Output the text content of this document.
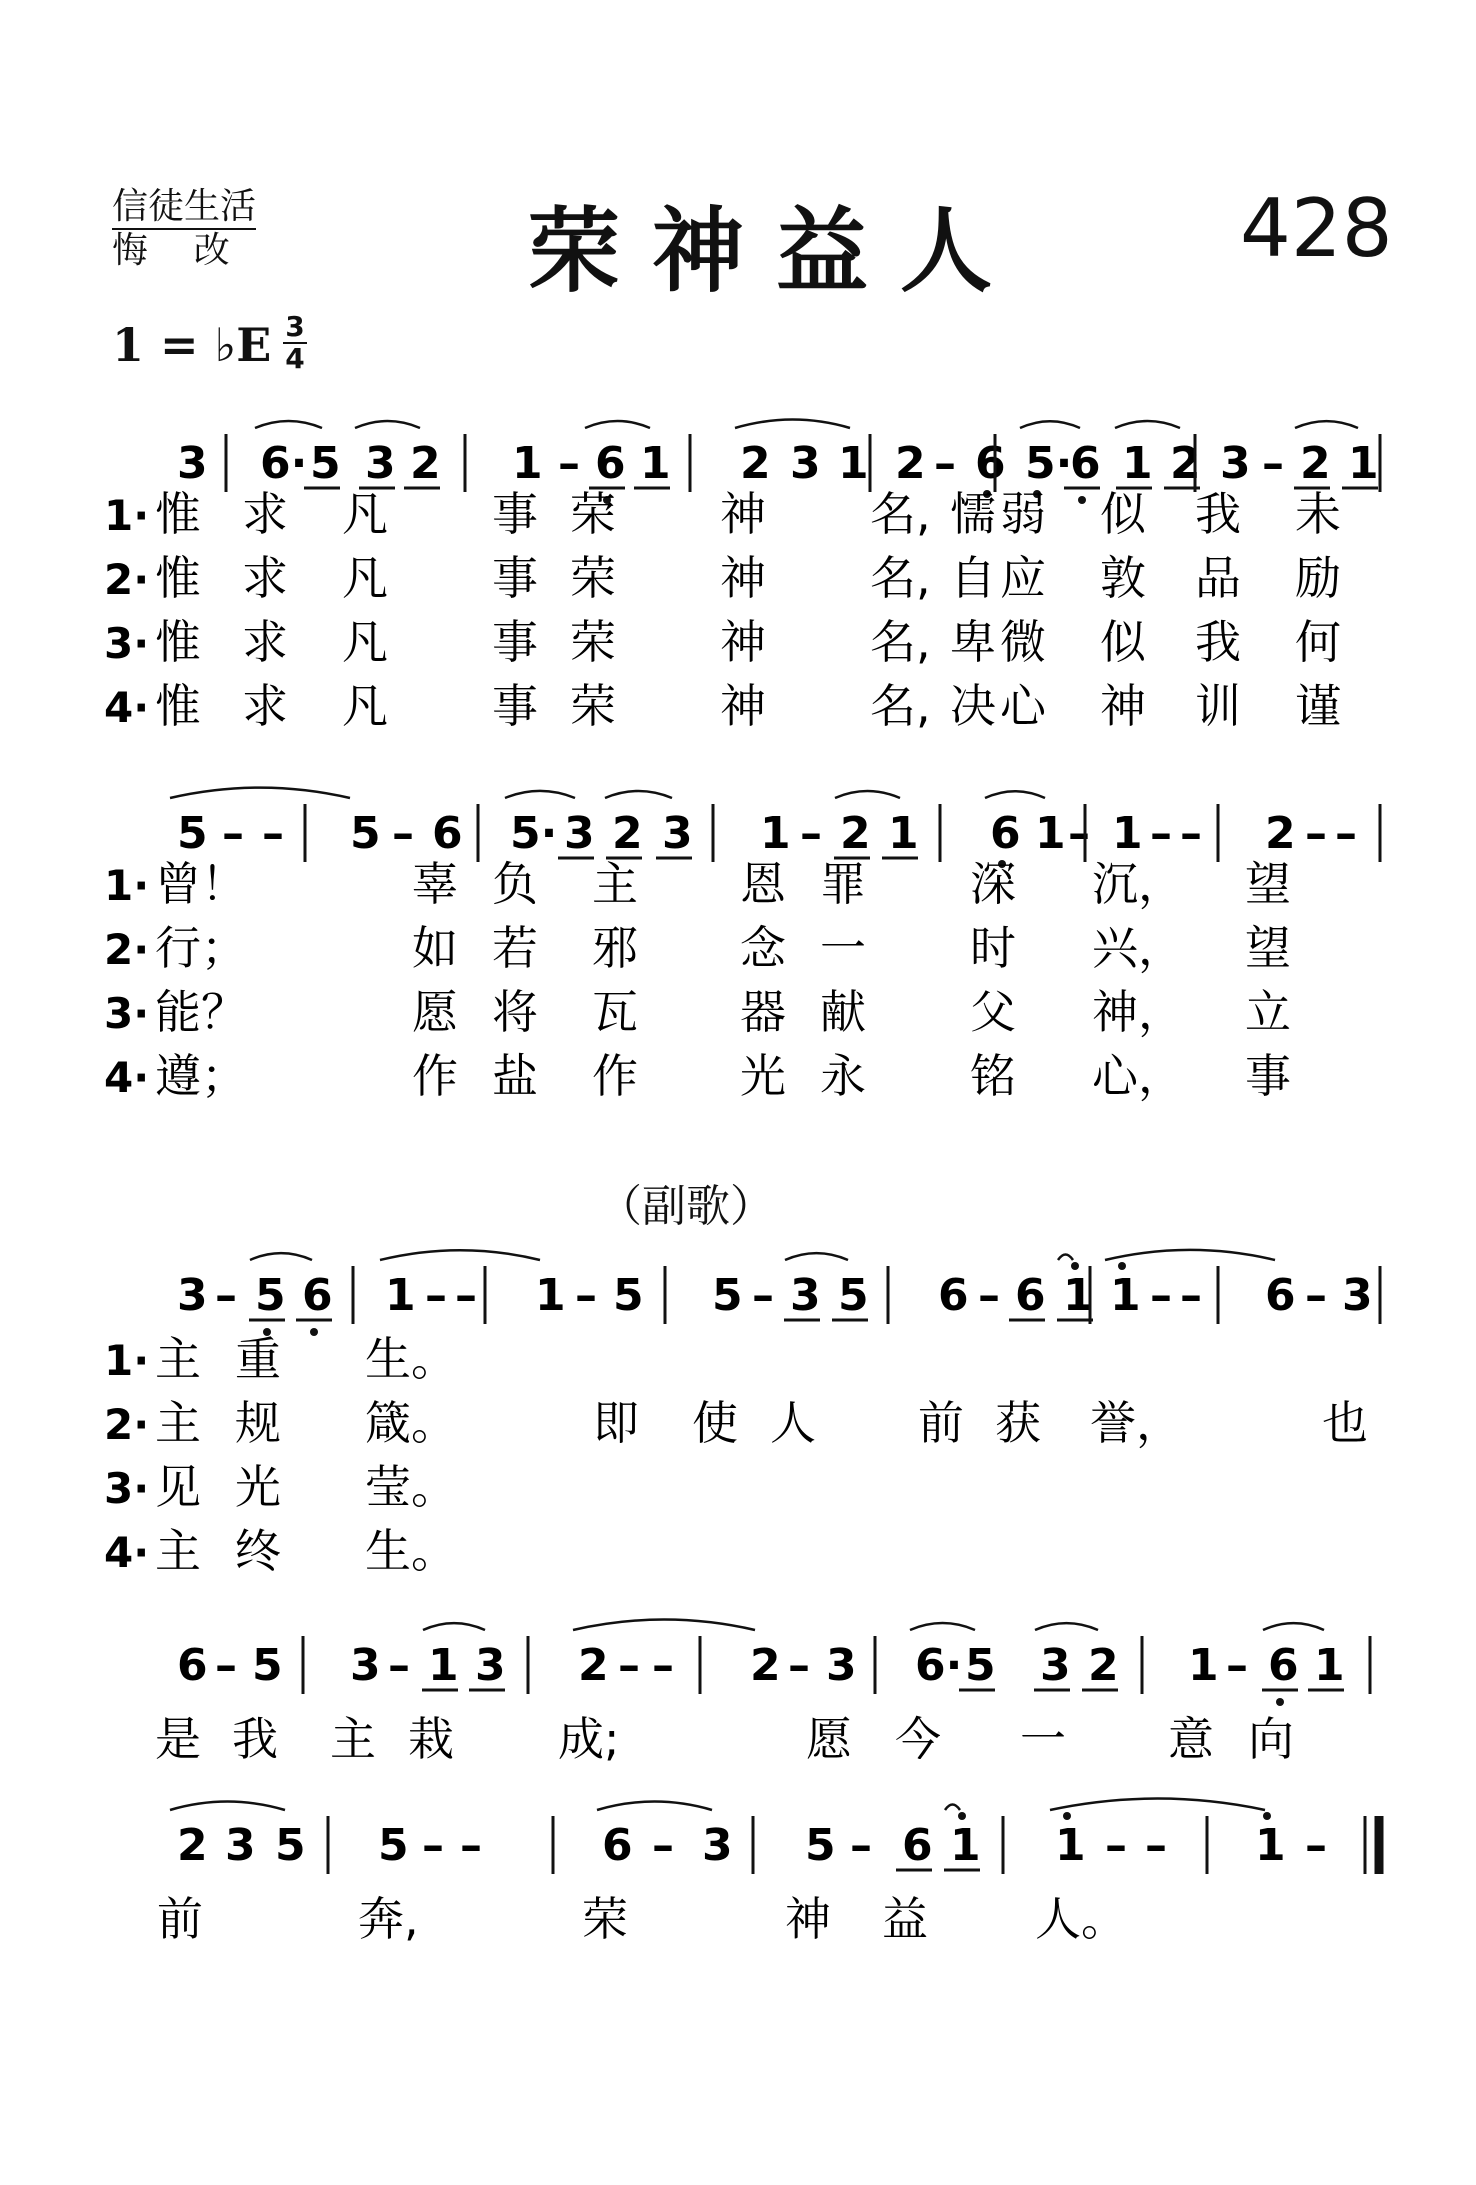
信徒生活
悔    改	荣神益人	428
1 = ♭E 3
4
（副歌）
3 6· 5 3 2 1 – 6 1 2 3 1 2 – 6 5·
6 1 2 3 – 2 1
5 – – 5 – 6 5· 3 2 3 1 – 2 1 6 1 – 1 – – 2 – –
3 – 5 6 1 – – 1 – 5 5 – 3 5 6 – 6 1 1 – – 6 – 3
6 – 5 3 – 1 3 2 – – 2 – 3 6· 5 3 2 1 – 6 1
2 3 5 5 – –	6 – 3 5 – 6 1 1 – – 1 –
1· 惟 求 凡 事 荣 神 名, 懦 弱 似 我 未
2· 惟 求 凡 事 荣 神 名, 自 应 敦 品 励
3· 惟 求 凡 事 荣 神 名, 卑 微 似 我 何
4· 惟 求 凡 事 荣 神 名, 决 心 神 训 谨
1· 曾！	辜 负 主 恩 罪 深 沉， 望
2· 行；	如 若 邪 念 一 时 兴， 望
3· 能？	愿 将 瓦 器 献 父 神， 立
4· 遵；	作 盐 作 光 永 铭 心， 事
1· 主 重 生。
2· 主 规 箴。	即 使 人 前 获 誉，	也
3· 见 光 莹。
4· 主 终 生。
是 我 主 栽 成;	愿 今 一 意 向
前	奔,	荣	神 益 人。
